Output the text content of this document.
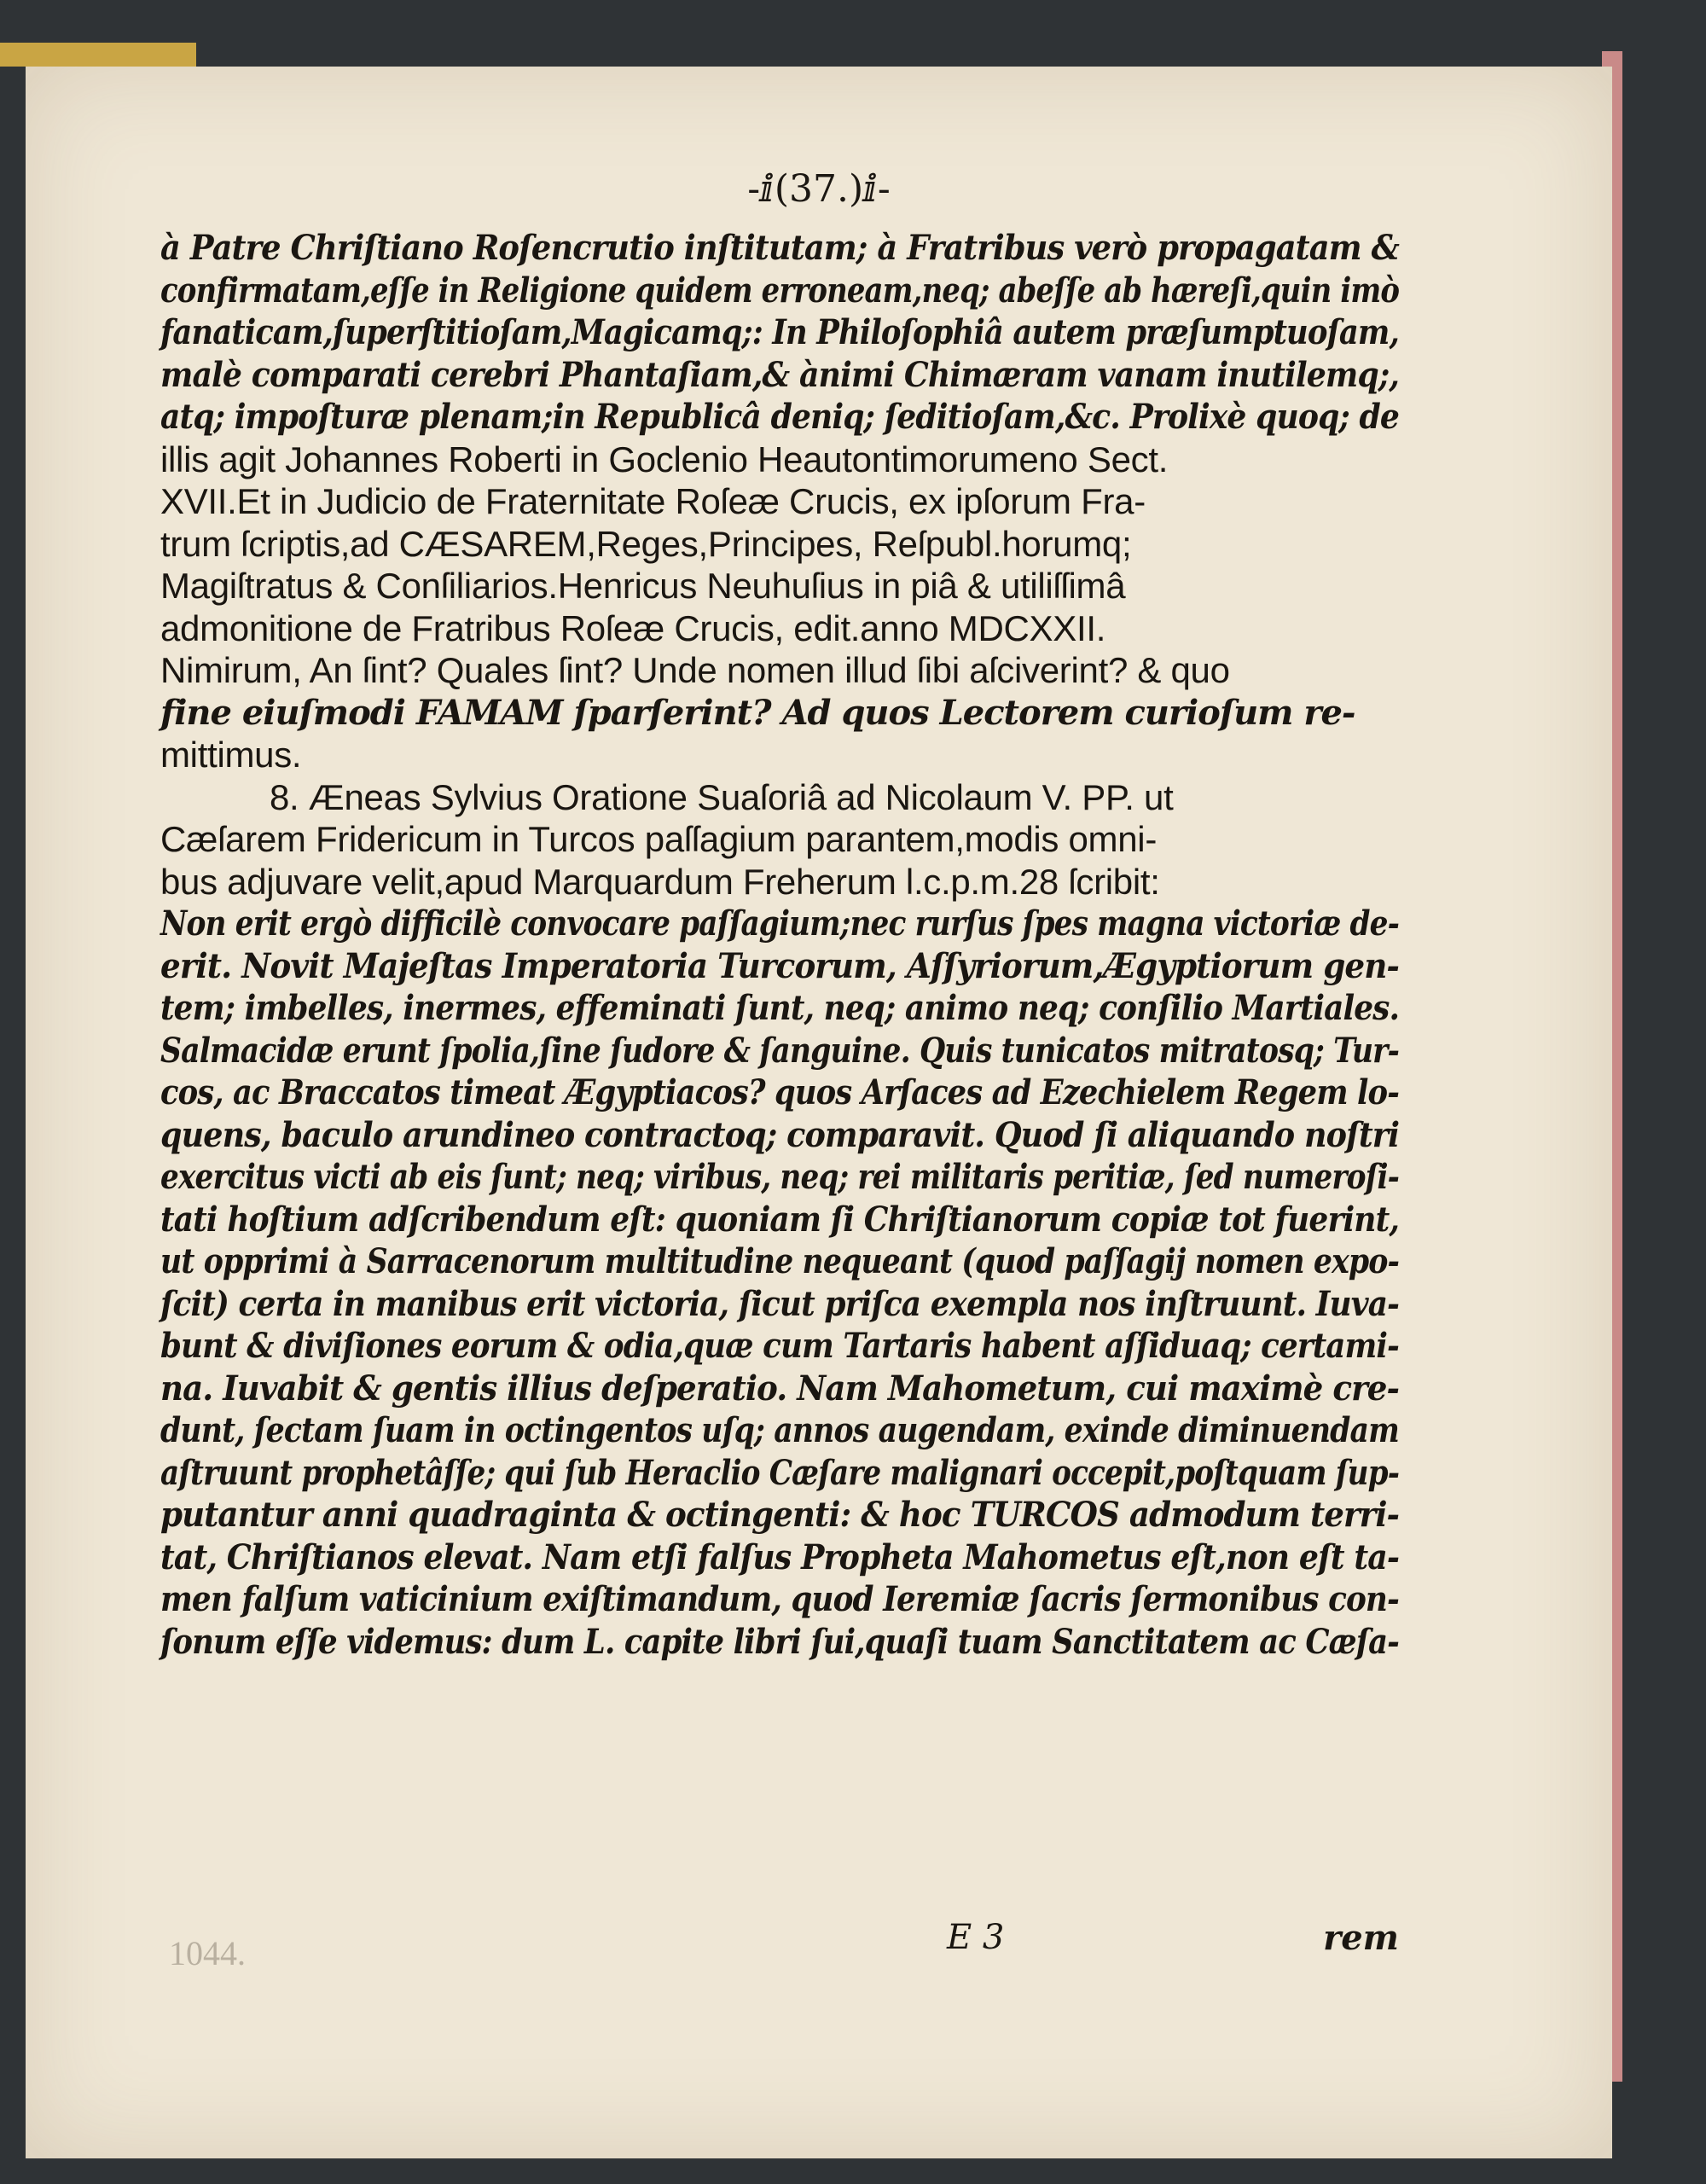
-ⅈ(37.)ⅈ-
à Patre Chriſtiano Roſencrutio inſtitutam; à Fratribus verò propagatam &
confirmatam,eſſe in Religione quidem erroneam,neq; abeſſe ab hæreſi,quin imò
fanaticam,ſuperſtitioſam,Magicamq;: In Philoſophiâ autem præſumptuoſam,
malè comparati cerebri Phantaſiam,& ànimi Chimæram vanam inutilemq;,
atq; impoſturæ plenam;in Republicâ deniq; ſeditioſam,&c. Prolixè quoq; de
illis agit Johannes Roberti in Goclenio Heautontimorumeno Sect.
XVII.Et in Judicio de Fraternitate Roſeæ Crucis, ex ipſorum Fra-
trum ſcriptis,ad CÆSAREM,Reges,Principes, Reſpubl.horumq;
Magiſtratus & Conſiliarios.Henricus Neuhuſius in piâ & utiliſſimâ
admonitione de Fratribus Roſeæ Crucis, edit.anno MDCXXII.
Nimirum, An ſint? Quales ſint? Unde nomen illud ſibi aſciverint? & quo
fine eiuſmodi FAMAM ſparſerint? Ad quos Lectorem curioſum re-
mittimus.
8. Æneas Sylvius Oratione Suaſoriâ ad Nicolaum V. PP. ut
Cæſarem Fridericum in Turcos paſſagium parantem,modis omni-
bus adjuvare velit,apud Marquardum Freherum l.c.p.m.28 ſcribit:
Non erit ergò difficilè convocare paſſagium;nec rurſus ſpes magna victoriæ de-
erit. Novit Majeſtas Imperatoria Turcorum, Aſſyriorum,Ægyptiorum gen-
tem; imbelles, inermes, effeminati ſunt, neq; animo neq; conſilio Martiales.
Salmacidæ erunt ſpolia,ſine ſudore & ſanguine. Quis tunicatos mitratosq; Tur-
cos, ac Braccatos timeat Ægyptiacos? quos Arſaces ad Ezechielem Regem lo-
quens, baculo arundineo contractoq; comparavit. Quod ſi aliquando noſtri
exercitus victi ab eis ſunt; neq; viribus, neq; rei militaris peritiæ, ſed numeroſi-
tati hoſtium adſcribendum eſt: quoniam ſi Chriſtianorum copiæ tot fuerint,
ut opprimi à Sarracenorum multitudine nequeant (quod paſſagij nomen expo-
ſcit) certa in manibus erit victoria, ſicut priſca exempla nos inſtruunt. Iuva-
bunt & diviſiones eorum & odia,quæ cum Tartaris habent aſſiduaq; certami-
na. Iuvabit & gentis illius deſperatio. Nam Mahometum, cui maximè cre-
dunt, ſectam ſuam in octingentos uſq; annos augendam, exinde diminuendam
aſtruunt prophetâſſe; qui ſub Heraclio Cæſare malignari occepit,poſtquam ſup-
putantur anni quadraginta & octingenti: & hoc TURCOS admodum terri-
tat, Chriſtianos elevat. Nam etſi falſus Propheta Mahometus eſt,non eſt ta-
men falſum vaticinium exiſtimandum, quod Ieremiæ ſacris ſermonibus con-
ſonum eſſe videmus: dum L. capite libri ſui,quaſi tuam Sanctitatem ac Cæſa-
1044.	E 3	rem
